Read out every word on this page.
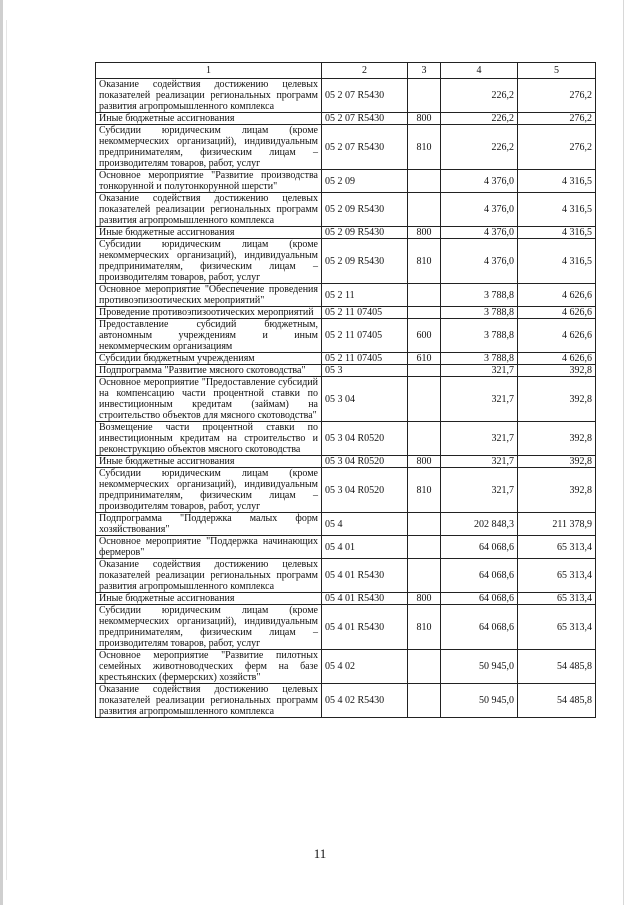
1	2	3	4	5
Оказание содействия достижению целевых показателей реализации региональных программ развития агропромышленного комплекса	05 2 07 R5430		226,2	276,2
Иные бюджетные ассигнования	05 2 07 R5430	800	226,2	276,2
Субсидии юридическим лицам (кроме некоммерческих организаций), индивидуальным предпринимателям, физическим лицам – производителям товаров, работ, услуг	05 2 07 R5430	810	226,2	276,2
Основное мероприятие "Развитие производства тонкорунной и полутонкорунной шерсти"	05 2 09		4 376,0	4 316,5
Оказание содействия достижению целевых показателей реализации региональных программ развития агропромышленного комплекса	05 2 09 R5430		4 376,0	4 316,5
Иные бюджетные ассигнования	05 2 09 R5430	800	4 376,0	4 316,5
Субсидии юридическим лицам (кроме некоммерческих организаций), индивидуальным предпринимателям, физическим лицам – производителям товаров, работ, услуг	05 2 09 R5430	810	4 376,0	4 316,5
Основное мероприятие "Обеспечение проведения противоэпизоотических мероприятий"	05 2 11		3 788,8	4 626,6
Проведение противоэпизоотических мероприятий	05 2 11 07405		3 788,8	4 626,6
Предоставление субсидий бюджетным, автономным учреждениям и иным некоммерческим организациям	05 2 11 07405	600	3 788,8	4 626,6
Субсидии бюджетным учреждениям	05 2 11 07405	610	3 788,8	4 626,6
Подпрограмма "Развитие мясного скотоводства"	05 3		321,7	392,8
Основное мероприятие "Предоставление субсидий на компенсацию части процентной ставки по инвестиционным кредитам (займам) на строительство объектов для мясного скотоводства"	05 3 04		321,7	392,8
Возмещение части процентной ставки по инвестиционным кредитам на строительство и реконструкцию объектов мясного скотоводства	05 3 04 R0520		321,7	392,8
Иные бюджетные ассигнования	05 3 04 R0520	800	321,7	392,8
Субсидии юридическим лицам (кроме некоммерческих организаций), индивидуальным предпринимателям, физическим лицам – производителям товаров, работ, услуг	05 3 04 R0520	810	321,7	392,8
Подпрограмма "Поддержка малых форм хозяйствования"	05 4		202 848,3	211 378,9
Основное мероприятие "Поддержка начинающих фермеров"	05 4 01		64 068,6	65 313,4
Оказание содействия достижению целевых показателей реализации региональных программ развития агропромышленного комплекса	05 4 01 R5430		64 068,6	65 313,4
Иные бюджетные ассигнования	05 4 01 R5430	800	64 068,6	65 313,4
Субсидии юридическим лицам (кроме некоммерческих организаций), индивидуальным предпринимателям, физическим лицам – производителям товаров, работ, услуг	05 4 01 R5430	810	64 068,6	65 313,4
Основное мероприятие "Развитие пилотных семейных животноводческих ферм на базе крестьянских (фермерских) хозяйств"	05 4 02		50 945,0	54 485,8
Оказание содействия достижению целевых показателей реализации региональных программ развития агропромышленного комплекса	05 4 02 R5430		50 945,0	54 485,8
11
